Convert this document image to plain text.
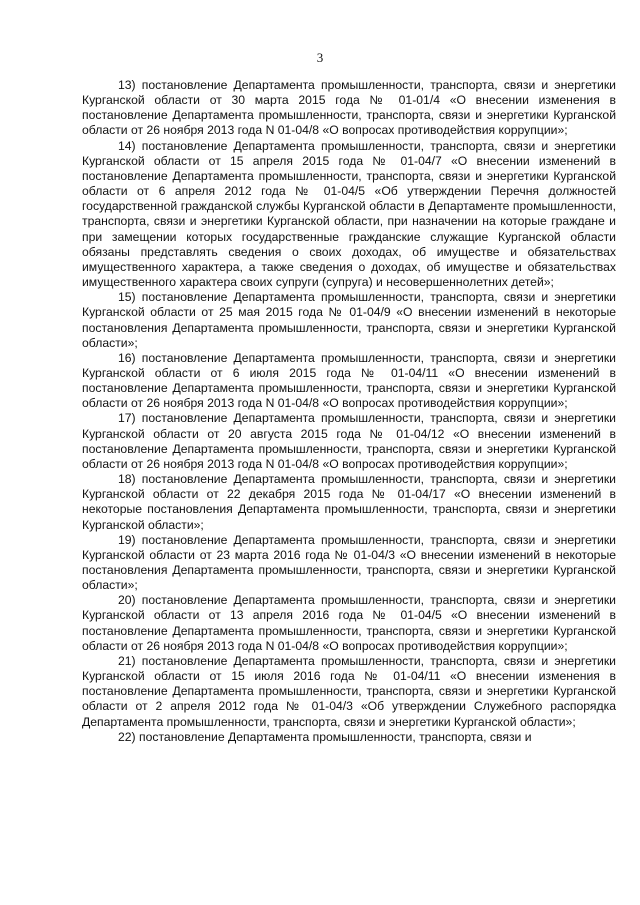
3

13) постановление Департамента промышленности, транспорта, связи и энергетики Курганской области от 30 марта 2015 года № 01-01/4 «О внесении изменения в постановление Департамента промышленности, транспорта, связи и энергетики Курганской области от 26 ноября 2013 года N 01-04/8 «О вопросах противодействия коррупции»;

14) постановление Департамента промышленности, транспорта, связи и энергетики Курганской области от 15 апреля 2015 года № 01-04/7 «О внесении изменений в постановление Департамента промышленности, транспорта, связи и энергетики Курганской области от 6 апреля 2012 года № 01-04/5 «Об утверждении Перечня должностей государственной гражданской службы Курганской области в Департаменте промышленности, транспорта, связи и энергетики Курганской области, при назначении на которые граждане и при замещении которых государственные гражданские служащие Курганской области обязаны представлять сведения о своих доходах, об имуществе и обязательствах имущественного характера, а также сведения о доходах, об имуществе и обязательствах имущественного характера своих супруги (супруга) и несовершеннолетних детей»;

15) постановление Департамента промышленности, транспорта, связи и энергетики Курганской области от 25 мая 2015 года № 01-04/9 «О внесении изменений в некоторые постановления Департамента промышленности, транспорта, связи и энергетики Курганской области»;

16) постановление Департамента промышленности, транспорта, связи и энергетики Курганской области от 6 июля 2015 года № 01-04/11 «О внесении изменений в постановление Департамента промышленности, транспорта, связи и энергетики Курганской области от 26 ноября 2013 года N 01-04/8 «О вопросах противодействия коррупции»;

17) постановление Департамента промышленности, транспорта, связи и энергетики Курганской области от 20 августа 2015 года № 01-04/12 «О внесении изменений в постановление Департамента промышленности, транспорта, связи и энергетики Курганской области от 26 ноября 2013 года N 01-04/8 «О вопросах противодействия коррупции»;

18) постановление Департамента промышленности, транспорта, связи и энергетики Курганской области от 22 декабря 2015 года № 01-04/17 «О внесении изменений в некоторые постановления Департамента промышленности, транспорта, связи и энергетики Курганской области»;

19) постановление Департамента промышленности, транспорта, связи и энергетики Курганской области от 23 марта 2016 года № 01-04/3 «О внесении изменений в некоторые постановления Департамента промышленности, транспорта, связи и энергетики Курганской области»;

20) постановление Департамента промышленности, транспорта, связи и энергетики Курганской области от 13 апреля 2016 года № 01-04/5 «О внесении изменений в постановление Департамента промышленности, транспорта, связи и энергетики Курганской области от 26 ноября 2013 года N 01-04/8 «О вопросах противодействия коррупции»;

21) постановление Департамента промышленности, транспорта, связи и энергетики Курганской области от 15 июля 2016 года № 01-04/11 «О внесении изменения в постановление Департамента промышленности, транспорта, связи и энергетики Курганской области от 2 апреля 2012 года № 01-04/3 «Об утверждении Служебного распорядка Департамента промышленности, транспорта, связи и энергетики Курганской области»;

22) постановление Департамента промышленности, транспорта, связи и
